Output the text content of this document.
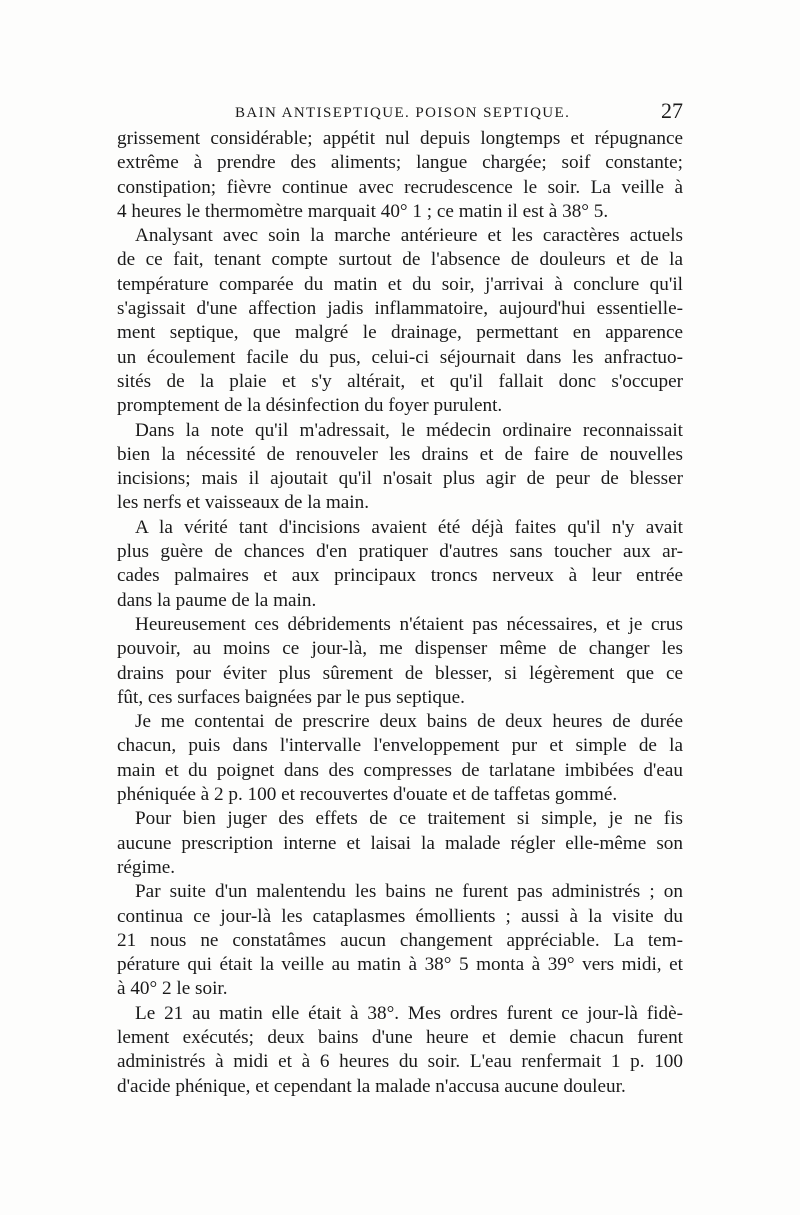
BAIN ANTISEPTIQUE. POISON SEPTIQUE.	27
grissement considérable; appétit nul depuis longtemps et répugnance
extrême à prendre des aliments; langue chargée; soif constante;
constipation; fièvre continue avec recrudescence le soir. La veille à
4 heures le thermomètre marquait 40° 1 ; ce matin il est à 38° 5.
Analysant avec soin la marche antérieure et les caractères actuels
de ce fait, tenant compte surtout de l'absence de douleurs et de la
température comparée du matin et du soir, j'arrivai à conclure qu'il
s'agissait d'une affection jadis inflammatoire, aujourd'hui essentielle-
ment septique, que malgré le drainage, permettant en apparence
un écoulement facile du pus, celui-ci séjournait dans les anfractuo-
sités de la plaie et s'y altérait, et qu'il fallait donc s'occuper
promptement de la désinfection du foyer purulent.
Dans la note qu'il m'adressait, le médecin ordinaire reconnaissait
bien la nécessité de renouveler les drains et de faire de nouvelles
incisions; mais il ajoutait qu'il n'osait plus agir de peur de blesser
les nerfs et vaisseaux de la main.
A la vérité tant d'incisions avaient été déjà faites qu'il n'y avait
plus guère de chances d'en pratiquer d'autres sans toucher aux ar-
cades palmaires et aux principaux troncs nerveux à leur entrée
dans la paume de la main.
Heureusement ces débridements n'étaient pas nécessaires, et je crus
pouvoir, au moins ce jour-là, me dispenser même de changer les
drains pour éviter plus sûrement de blesser, si légèrement que ce
fût, ces surfaces baignées par le pus septique.
Je me contentai de prescrire deux bains de deux heures de durée
chacun, puis dans l'intervalle l'enveloppement pur et simple de la
main et du poignet dans des compresses de tarlatane imbibées d'eau
phéniquée à 2 p. 100 et recouvertes d'ouate et de taffetas gommé.
Pour bien juger des effets de ce traitement si simple, je ne fis
aucune prescription interne et laisai la malade régler elle-même son
régime.
Par suite d'un malentendu les bains ne furent pas administrés ; on
continua ce jour-là les cataplasmes émollients ; aussi à la visite du
21 nous ne constatâmes aucun changement appréciable. La tem-
pérature qui était la veille au matin à 38° 5 monta à 39° vers midi, et
à 40° 2 le soir.
Le 21 au matin elle était à 38°. Mes ordres furent ce jour-là fidè-
lement exécutés; deux bains d'une heure et demie chacun furent
administrés à midi et à 6 heures du soir. L'eau renfermait 1 p. 100
d'acide phénique, et cependant la malade n'accusa aucune douleur.
